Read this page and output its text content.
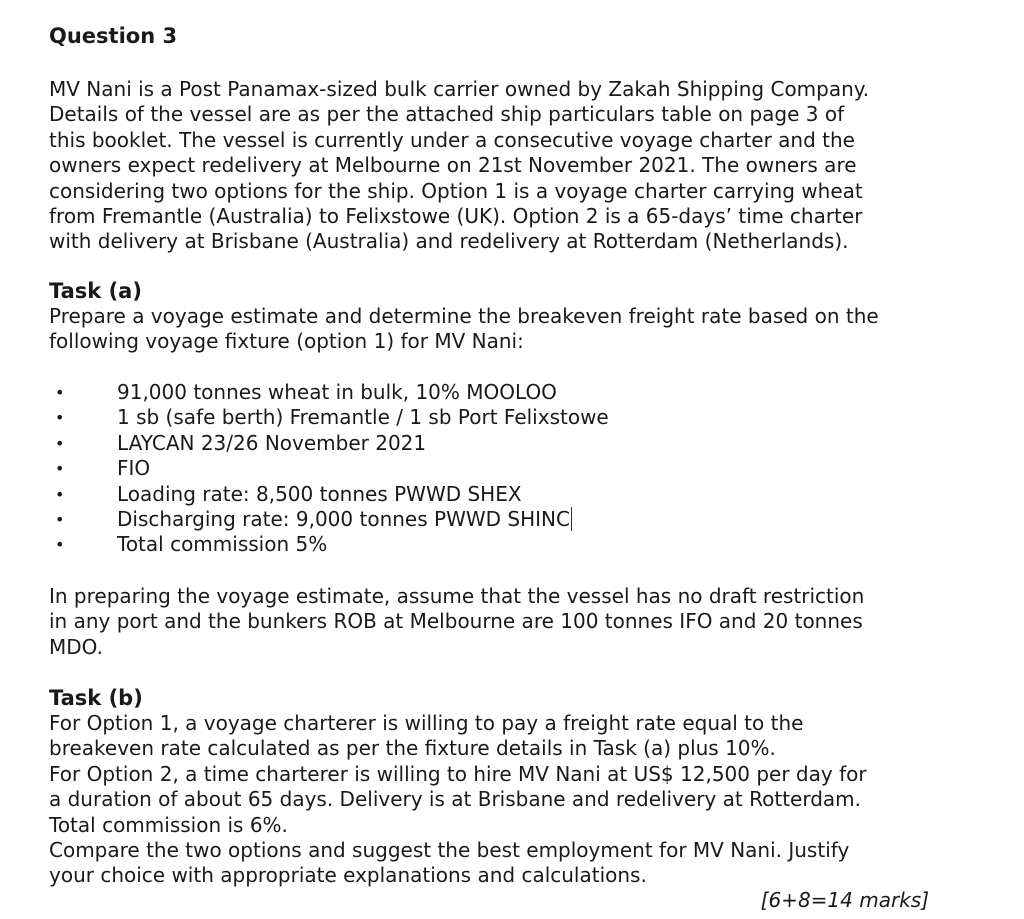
Question 3

MV Nani is a Post Panamax-sized bulk carrier owned by Zakah Shipping Company.
Details of the vessel are as per the attached ship particulars table on page 3 of
this booklet. The vessel is currently under a consecutive voyage charter and the
owners expect redelivery at Melbourne on 21st November 2021. The owners are
considering two options for the ship. Option 1 is a voyage charter carrying wheat
from Fremantle (Australia) to Felixstowe (UK). Option 2 is a 65-days’ time charter
with delivery at Brisbane (Australia) and redelivery at Rotterdam (Netherlands).

Task (a)

Prepare a voyage estimate and determine the breakeven freight rate based on the
following voyage fixture (option 1) for MV Nani:

•	91,000 tonnes wheat in bulk, 10% MOOLOO
•	1 sb (safe berth) Fremantle / 1 sb Port Felixstowe
•	LAYCAN 23/26 November 2021
•	FIO
•	Loading rate: 8,500 tonnes PWWD SHEX
•	Discharging rate: 9,000 tonnes PWWD SHINC
•	Total commission 5%

In preparing the voyage estimate, assume that the vessel has no draft restriction
in any port and the bunkers ROB at Melbourne are 100 tonnes IFO and 20 tonnes
MDO.

Task (b)

For Option 1, a voyage charterer is willing to pay a freight rate equal to the
breakeven rate calculated as per the fixture details in Task (a) plus 10%.
For Option 2, a time charterer is willing to hire MV Nani at US$ 12,500 per day for
a duration of about 65 days. Delivery is at Brisbane and redelivery at Rotterdam.
Total commission is 6%.
Compare the two options and suggest the best employment for MV Nani. Justify
your choice with appropriate explanations and calculations.

[6+8=14 marks]
